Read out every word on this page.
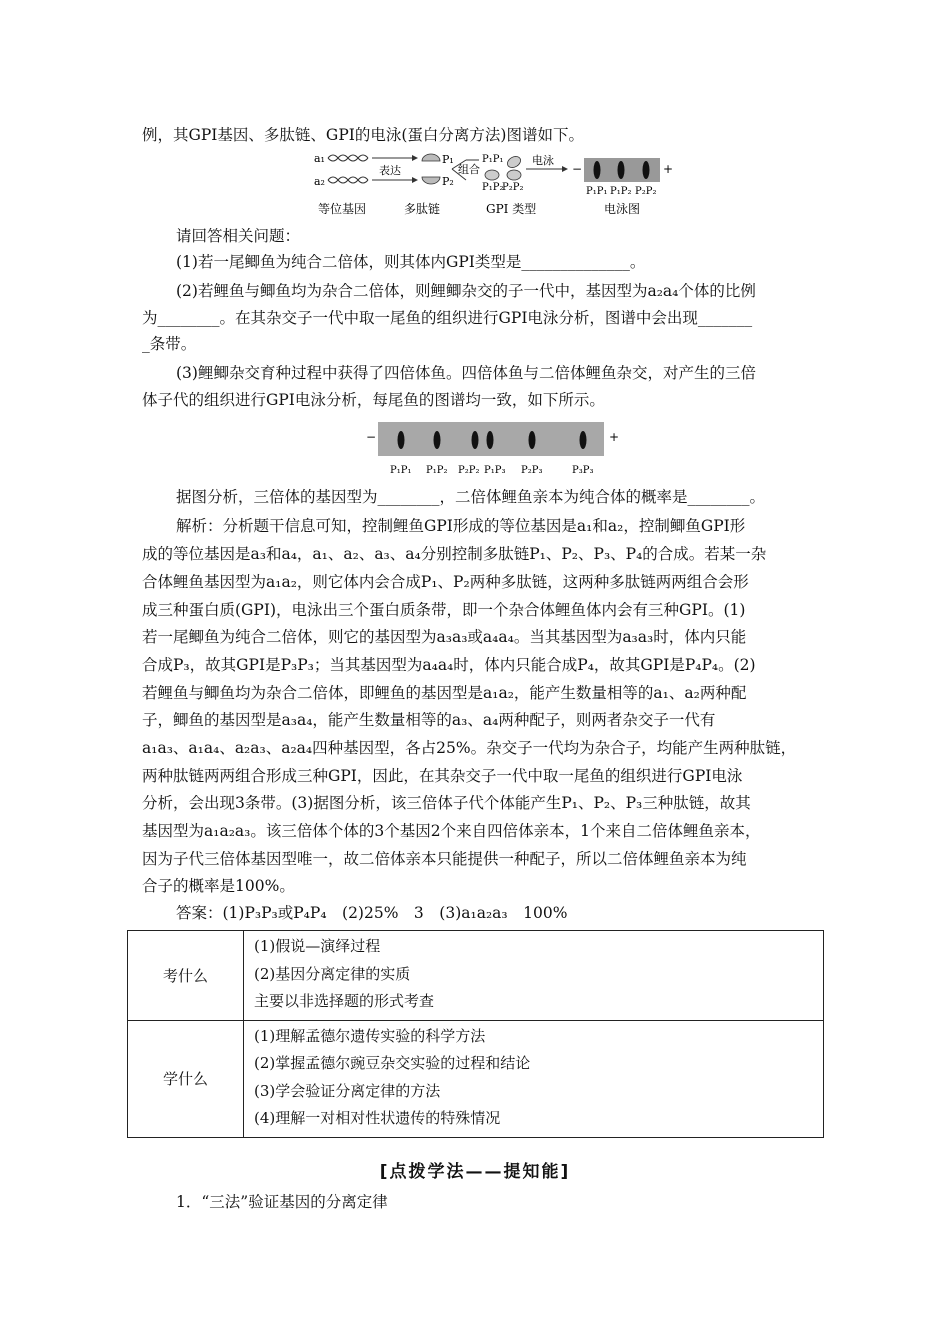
例，其GPI基因、多肽链、GPI的电泳(蛋白分离方法)图谱如下。
a₁
a₂
表达
P₁
P₂
组合
P₁P₁
P₁P₂
P₂P₂
电泳
−	+
P₁P₁ P₁P₂ P₂P₂
等位基因	多肽链	GPI 类型	电泳图
请回答相关问题：
(1)若一尾鲫鱼为纯合二倍体，则其体内GPI类型是______________。
(2)若鲤鱼与鲫鱼均为杂合二倍体，则鲤鲫杂交的子一代中，基因型为a₂a₄个体的比例
为________。在其杂交子一代中取一尾鱼的组织进行GPI电泳分析，图谱中会出现_______
_条带。
(3)鲤鲫杂交育种过程中获得了四倍体鱼。四倍体鱼与二倍体鲤鱼杂交，对产生的三倍
体子代的组织进行GPI电泳分析，每尾鱼的图谱均一致，如下所示。
−	+
P₁P₁ P₁P₂ P₂P₂ P₁P₃ P₂P₃	P₃P₃
据图分析，三倍体的基因型为________，二倍体鲤鱼亲本为纯合体的概率是________。
解析：分析题干信息可知，控制鲤鱼GPI形成的等位基因是a₁和a₂，控制鲫鱼GPI形
成的等位基因是a₃和a₄，a₁、a₂、a₃、a₄分别控制多肽链P₁、P₂、P₃、P₄的合成。若某一杂
合体鲤鱼基因型为a₁a₂，则它体内会合成P₁、P₂两种多肽链，这两种多肽链两两组合会形
成三种蛋白质(GPI)，电泳出三个蛋白质条带，即一个杂合体鲤鱼体内会有三种GPI。(1)
若一尾鲫鱼为纯合二倍体，则它的基因型为a₃a₃或a₄a₄。当其基因型为a₃a₃时，体内只能
合成P₃，故其GPI是P₃P₃；当其基因型为a₄a₄时，体内只能合成P₄，故其GPI是P₄P₄。(2)
若鲤鱼与鲫鱼均为杂合二倍体，即鲤鱼的基因型是a₁a₂，能产生数量相等的a₁、a₂两种配
子，鲫鱼的基因型是a₃a₄，能产生数量相等的a₃、a₄两种配子，则两者杂交子一代有
a₁a₃、a₁a₄、a₂a₃、a₂a₄四种基因型，各占25%。杂交子一代均为杂合子，均能产生两种肽链，
两种肽链两两组合形成三种GPI，因此，在其杂交子一代中取一尾鱼的组织进行GPI电泳
分析，会出现3条带。(3)据图分析，该三倍体子代个体能产生P₁、P₂、P₃三种肽链，故其
基因型为a₁a₂a₃。该三倍体个体的3个基因2个来自四倍体亲本，1个来自二倍体鲤鱼亲本，
因为子代三倍体基因型唯一，故二倍体亲本只能提供一种配子，所以二倍体鲤鱼亲本为纯
合子的概率是100%。
答案：(1)P₃P₃或P₄P₄　(2)25%　3　(3)a₁a₂a₃　100%
考什么	(1)假说—演绎过程
(2)基因分离定律的实质
主要以非选择题的形式考查

学什么	(1)理解孟德尔遗传实验的科学方法
(2)掌握孟德尔豌豆杂交实验的过程和结论
(3)学会验证分离定律的方法
(4)理解一对相对性状遗传的特殊情况
[点拨学法——提知能]
1．“三法”验证基因的分离定律
